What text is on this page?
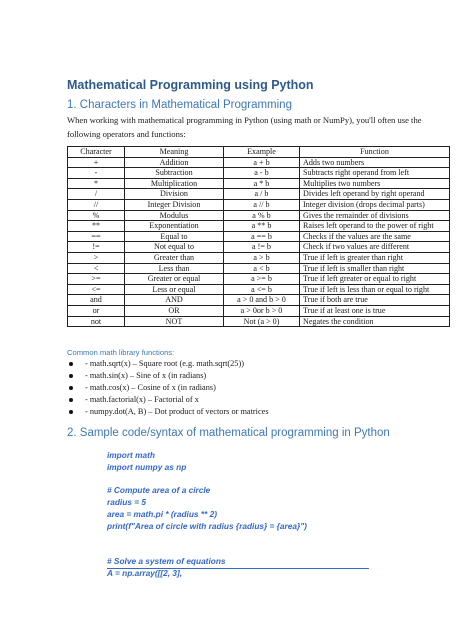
Mathematical Programming using Python
1. Characters in Mathematical Programming
When working with mathematical programming in Python (using math or NumPy), you'll often use the following operators and functions:
Character	Meaning	Example	Function
+	Addition	a + b	Adds two numbers
-	Subtraction	a - b	Subtracts right operand from left
*	Multiplication	a * b	Multiplies two numbers
/	Division	a / b	Divides left operand by right operand
//	Integer Division	a // b	Integer division (drops decimal parts)
%	Modulus	a % b	Gives the remainder of divisions
**	Exponentiation	a ** b	Raises left operand to the power of right
==	Equal to	a == b	Checks if the values are the same
!=	Not equal to	a != b	Check if two values are different
>	Greater than	a > b	True if left is greater than right
<	Less than	a < b	True if left is smaller than right
>=	Greater or equal	a >= b	True if left greater or equal to right
<=	Less or equal	a <= b	True if left is less than or equal to right
and	AND	a > 0 and b > 0	True if both are true
or	OR	a > 0or b > 0	True if at least one is true
not	NOT	Not (a > 0)	Negates the condition
Common math library functions:
- math.sqrt(x) – Square root (e.g. math.sqrt(25))
- math.sin(x) – Sine of x (in radians)
- math.cos(x) – Cosine of x (in radians)
- math.factorial(x) – Factorial of x
- numpy.dot(A, B) – Dot product of vectors or matrices
2. Sample code/syntax of mathematical programming in Python
import math
import numpy as np
# Compute area of a circle
radius = 5
area = math.pi * (radius ** 2)
print(f"Area of circle with radius {radius} = {area}")
# Solve a system of equations
A = np.array([[2, 3],
